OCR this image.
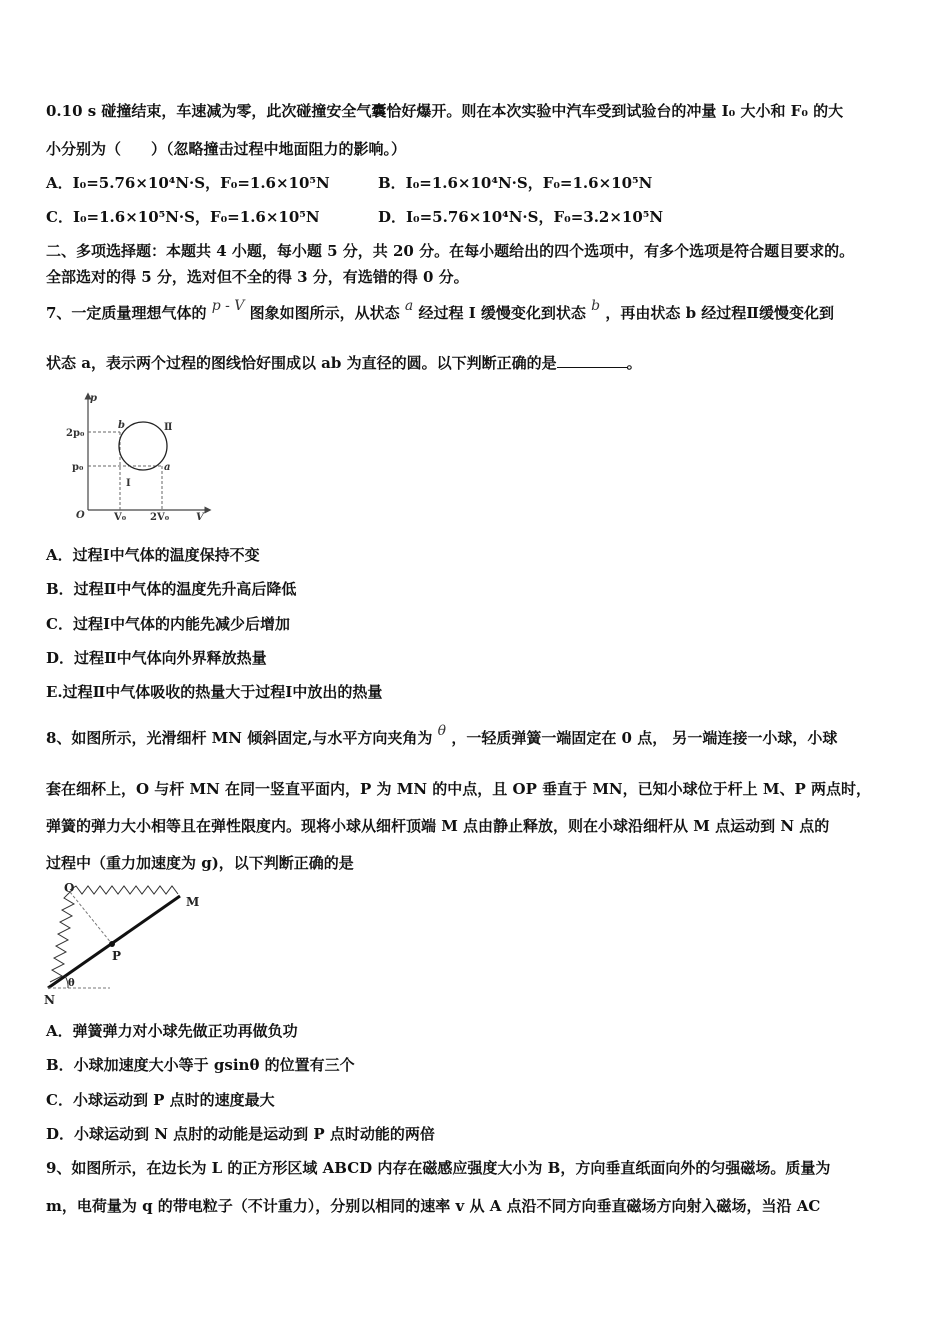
0.10 s 碰撞结束，车速减为零，此次碰撞安全气囊恰好爆开。则在本次实验中汽车受到试验台的冲量 I₀ 大小和 F₀ 的大
小分别为（　　）（忽略撞击过程中地面阻力的影响。）
A．I₀=5.76×10⁴N·S，F₀=1.6×10⁵N	B．I₀=1.6×10⁴N·S，F₀=1.6×10⁵N
C．I₀=1.6×10⁵N·S，F₀=1.6×10⁵N	D．I₀=5.76×10⁴N·S，F₀=3.2×10⁵N
二、多项选择题：本题共 4 小题，每小题 5 分，共 20 分。在每小题给出的四个选项中，有多个选项是符合题目要求的。
全部选对的得 5 分，选对但不全的得 3 分，有选错的得 0 分。
7、一定质量理想气体的 p - V 图象如图所示，从状态 a 经过程 I 缓慢变化到状态 b ，再由状态 b 经过程Ⅱ缓慢变化到
状态 a，表示两个过程的图线恰好围成以 ab 为直径的圆。以下判断正确的是	。
p
V
O
2p₀
p₀
V₀ 2V₀
b
a
I
Ⅱ
A．过程Ⅰ中气体的温度保持不变
B．过程Ⅱ中气体的温度先升高后降低
C．过程Ⅰ中气体的内能先减少后增加
D．过程Ⅱ中气体向外界释放热量
E.过程Ⅱ中气体吸收的热量大于过程Ⅰ中放出的热量
8、如图所示，光滑细杆 MN 倾斜固定,与水平方向夹角为 θ ，一轻质弹簧一端固定在 0 点， 另一端连接一小球，小球
套在细杯上，O 与杆 MN 在同一竖直平面内，P 为 MN 的中点，且 OP 垂直于 MN，已知小球位于杆上 M、P 两点时，
弹簧的弹力大小相等且在弹性限度内。现将小球从细杆顶端 M 点由静止释放，则在小球沿细杆从 M 点运动到 N 点的
过程中（重力加速度为 g)，以下判断正确的是
O
M
N
P
θ
A．弹簧弹力对小球先做正功再做负功
B．小球加速度大小等于 gsinθ 的位置有三个
C．小球运动到 P 点时的速度最大
D．小球运动到 N 点肘的动能是运动到 P 点时动能的两倍
9、如图所示，在边长为 L 的正方形区域 ABCD 内存在磁感应强度大小为 B，方向垂直纸面向外的匀强磁场。质量为
m，电荷量为 q 的带电粒子（不计重力），分别以相同的速率 v 从 A 点沿不同方向垂直磁场方向射入磁场，当沿 AC
